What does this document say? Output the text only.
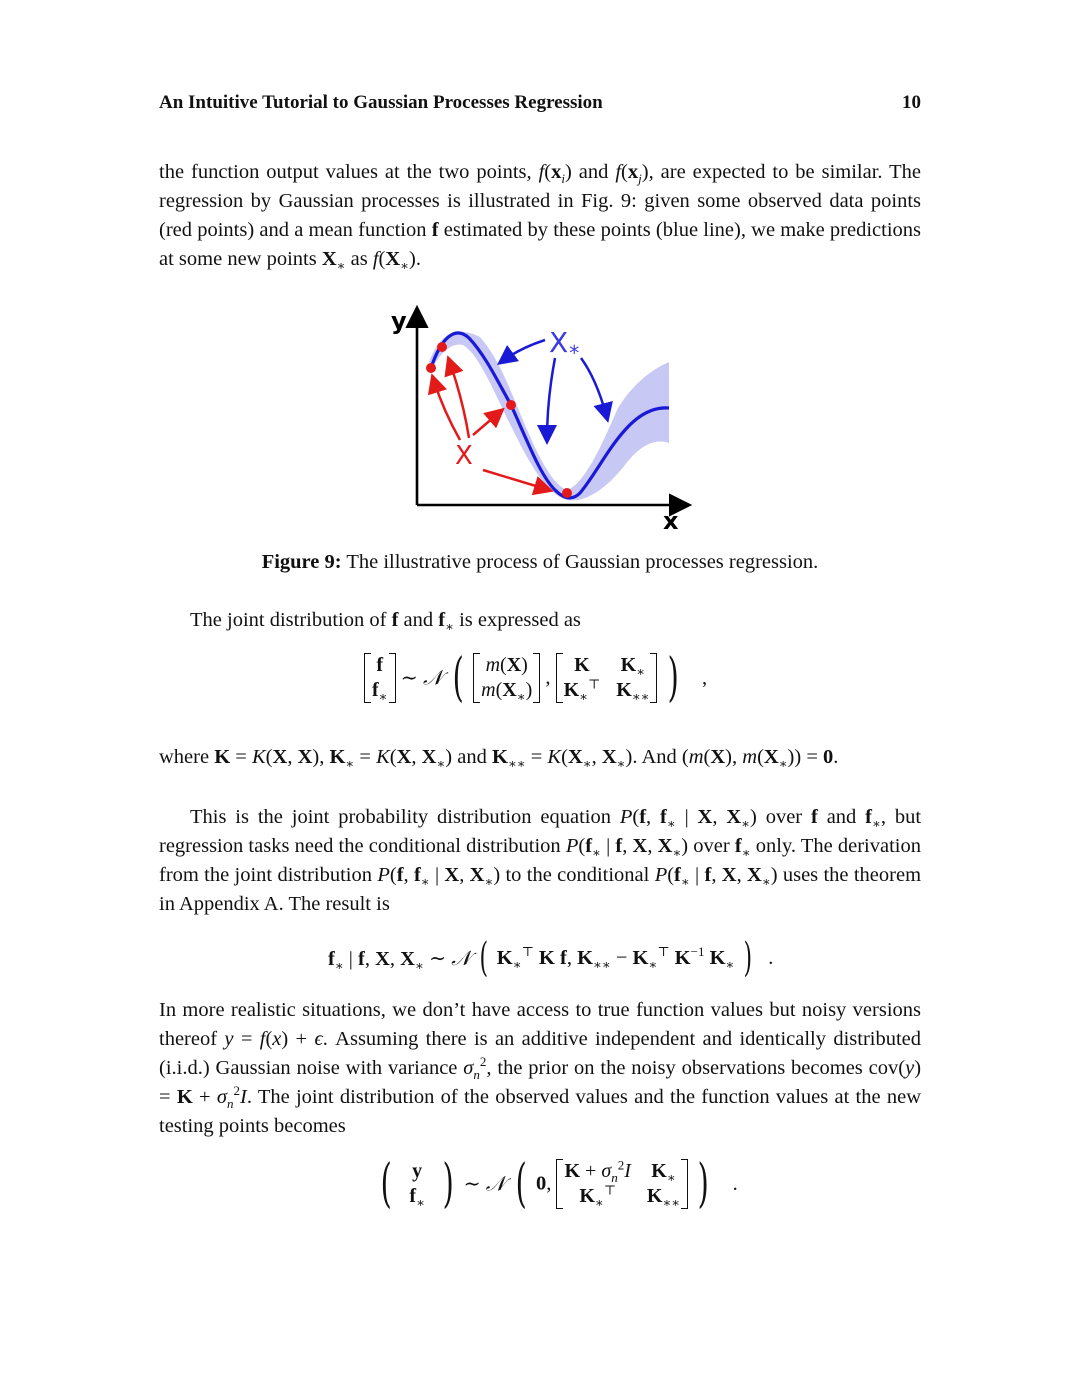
An Intuitive Tutorial to Gaussian Processes Regression	10

the function output values at the two points, $f(x_i)$ and $f(x_j)$, are expected to be similar. The regression by Gaussian processes is illustrated in Fig. 9: given some observed data points (red points) and a mean function f estimated by these points (blue line), we make predictions at some new points $X_∗$ as $f(X_∗)$.

y
x
X
$X_*$
Figure 9: The illustrative process of Gaussian processes regression.

The joint distribution of f and $f_∗$ is expressed as

f
$f_∗$
∼ 𝒩 ( m(X)
$m(X_∗)$
,
K	$K_∗$
$K_∗^⊤$	$K_{∗∗}$ ) ,

where K = K(X, X), $K_∗ = K(X$, $X_∗$) and $K_{∗∗} = K(X_∗$, $X_∗$). And (m(X), $m(X_∗)) = 0$.

This is the joint probability distribution equation P(f, $f_∗$ | X, $X_∗$) over f and $f_∗$, but regression tasks need the conditional distribution $P(f_∗$ | f, X, $X_∗$) over $f_∗$ only. The derivation from the joint distribution P(f, $f_∗$ | X, $X_∗$) to the conditional $P(f_∗$ | f, X, $X_∗$) uses the theorem in Appendix A. The result is

$f_∗$ | f, X, $X_∗$ ∼ 𝒩 ( $K_∗^⊤$ K f, $K_{∗∗} - K_∗^⊤$ $K^{-1}$ $K_∗$ ) .

In more realistic situations, we don’t have access to true function values but noisy versions thereof y = f(x) + ϵ. Assuming there is an additive independent and identically distributed (i.i.d.) Gaussian noise with variance $\sigma_n^2$, the prior on the noisy observations becomes $cov(y) = K + \sigma_n^2I$. The joint distribution of the observed values and the function values at the new testing points becomes

( y
$f_∗$ ) ∼ 𝒩 ( 0,
$K + \sigma_n^2I$	$K_∗$
$K_∗^⊤$	$K_{∗∗}$ ) .
